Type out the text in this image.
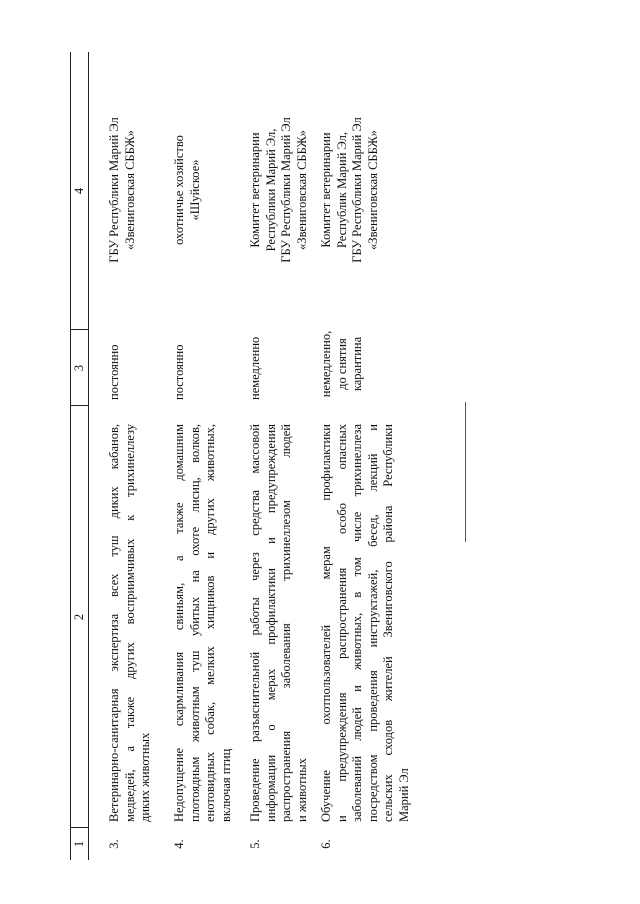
1
2
3
4
3.
Ветеринарно-санитарная экспертиза всех туш диких кабанов, медведей, а также других восприимчивых к трихинеллезу диких животных
постоянно
ГБУ Республики Марий Эл «Звениговская СББЖ»
4.
Недопущение скармливания свиньям, а также домашним плотоядным животным туш убитых на охоте лисиц, волков, енотовидных собак, мелких хищников и других животных, включая птиц
постоянно
охотничье хозяйство «Шуйское»
5.
Проведение разъяснительной работы через средства массовой информации о мерах профилактики и предупреждения распространения заболевания трихинеллезом людей и животных
немедленно
Комитет ветеринарии Республики Марий Эл, ГБУ Республики Марий Эл «Звениговская СББЖ»
6.
Обучение охотпользователей мерам профилактики и предупреждения распространения особо опасных заболеваний людей и животных, в том числе трихинеллеза посредством проведения инструктажей, бесед, лекций и сельских сходов жителей Звениговского района Республики Марий Эл
немедленно, до снятия карантина
Комитет ветеринарии Республик Марий Эл, ГБУ Республики Марий Эл «Звениговская СББЖ»
